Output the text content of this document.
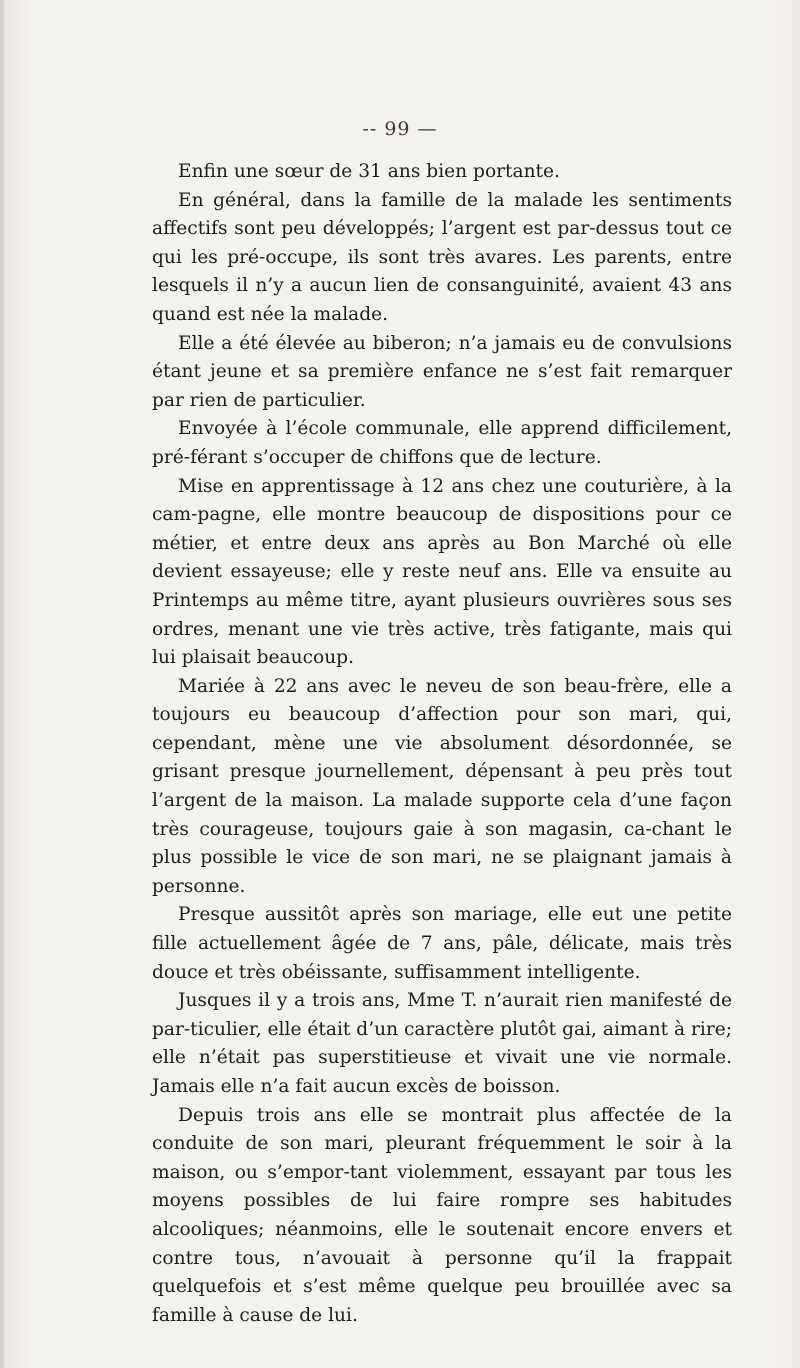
-- 99 —

Enfin une sœur de 31 ans bien portante.

En général, dans la famille de la malade les sentiments affectifs sont peu développés; l’argent est par-dessus tout ce qui les pré-occupe, ils sont très avares. Les parents, entre lesquels il n’y a aucun lien de consanguinité, avaient 43 ans quand est née la malade.

Elle a été élevée au biberon; n’a jamais eu de convulsions étant jeune et sa première enfance ne s’est fait remarquer par rien de particulier.

Envoyée à l’école communale, elle apprend difficilement, pré-férant s’occuper de chiffons que de lecture.

Mise en apprentissage à 12 ans chez une couturière, à la cam-pagne, elle montre beaucoup de dispositions pour ce métier, et entre deux ans après au Bon Marché où elle devient essayeuse; elle y reste neuf ans. Elle va ensuite au Printemps au même titre, ayant plusieurs ouvrières sous ses ordres, menant une vie très active, très fatigante, mais qui lui plaisait beaucoup.

Mariée à 22 ans avec le neveu de son beau-frère, elle a toujours eu beaucoup d’affection pour son mari, qui, cependant, mène une vie absolument désordonnée, se grisant presque journellement, dépensant à peu près tout l’argent de la maison. La malade supporte cela d’une façon très courageuse, toujours gaie à son magasin, ca-chant le plus possible le vice de son mari, ne se plaignant jamais à personne.

Presque aussitôt après son mariage, elle eut une petite fille actuellement âgée de 7 ans, pâle, délicate, mais très douce et très obéissante, suffisamment intelligente.

Jusques il y a trois ans, Mme T. n’aurait rien manifesté de par-ticulier, elle était d’un caractère plutôt gai, aimant à rire; elle n’était pas superstitieuse et vivait une vie normale. Jamais elle n’a fait aucun excès de boisson.

Depuis trois ans elle se montrait plus affectée de la conduite de son mari, pleurant fréquemment le soir à la maison, ou s’empor-tant violemment, essayant par tous les moyens possibles de lui faire rompre ses habitudes alcooliques; néanmoins, elle le soutenait encore envers et contre tous, n’avouait à personne qu’il la frappait quelquefois et s’est même quelque peu brouillée avec sa famille à cause de lui.
